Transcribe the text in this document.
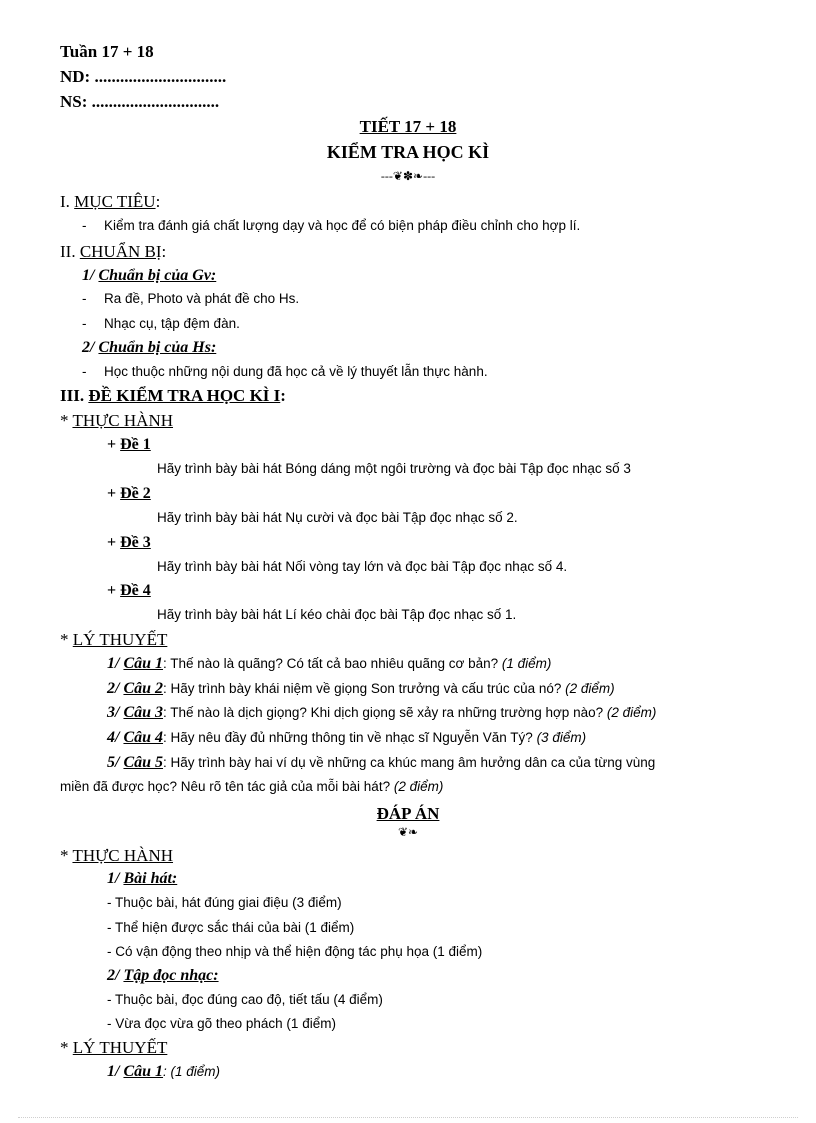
Tuần 17 + 18
ND: ...............................
NS: ..............................
TIẾT 17 + 18
KIỂM TRA HỌC KÌ
---❦✽❧---
I. MỤC TIÊU:
- Kiểm tra đánh giá chất lượng dạy và học để có biện pháp điều chỉnh cho hợp lí.
II. CHUẨN BỊ:
1/ Chuẩn bị của Gv:
- Ra đề, Photo và phát đề cho Hs.
- Nhạc cụ, tập đệm đàn.
2/ Chuẩn bị của Hs:
- Học thuộc những nội dung đã học cả về lý thuyết lẫn thực hành.
III. ĐỀ KIỂM TRA HỌC KÌ I:
* THỰC HÀNH
+ Đề 1
Hãy trình bày bài hát Bóng dáng một ngôi trường và đọc bài Tập đọc nhạc số 3
+ Đề 2
Hãy trình bày bài hát Nụ cười và đọc bài Tập đọc nhạc số 2.
+ Đề 3
Hãy trình bày bài hát Nối vòng tay lớn và đọc bài Tập đọc nhạc số 4.
+ Đề 4
Hãy trình bày bài hát Lí kéo chài đọc bài Tập đọc nhạc số 1.
* LÝ THUYẾT
1/ Câu 1: Thế nào là quãng? Có tất cả bao nhiêu quãng cơ bản? (1 điểm)
2/ Câu 2: Hãy trình bày khái niệm về giọng Son trưởng và cấu trúc của nó? (2 điểm)
3/ Câu 3: Thế nào là dịch giọng? Khi dịch giọng sẽ xảy ra những trường hợp nào? (2 điểm)
4/ Câu 4: Hãy nêu đầy đủ những thông tin về nhạc sĩ Nguyễn Văn Tý? (3 điểm)
5/ Câu 5: Hãy trình bày hai ví dụ về những ca khúc mang âm hưởng dân ca của từng vùng
miền đã được học? Nêu rõ tên tác giả của mỗi bài hát? (2 điểm)
ĐÁP ÁN
❦❧
* THỰC HÀNH
1/ Bài hát:
- Thuộc bài, hát đúng giai điệu (3 điểm)
- Thể hiện được sắc thái của bài (1 điểm)
- Có vận động theo nhịp và thể hiện động tác phụ họa (1 điểm)
2/ Tập đọc nhạc:
- Thuộc bài, đọc đúng cao độ, tiết tấu (4 điểm)
- Vừa đọc vừa gõ theo phách (1 điểm)
* LÝ THUYẾT
1/ Câu 1: (1 điểm)
